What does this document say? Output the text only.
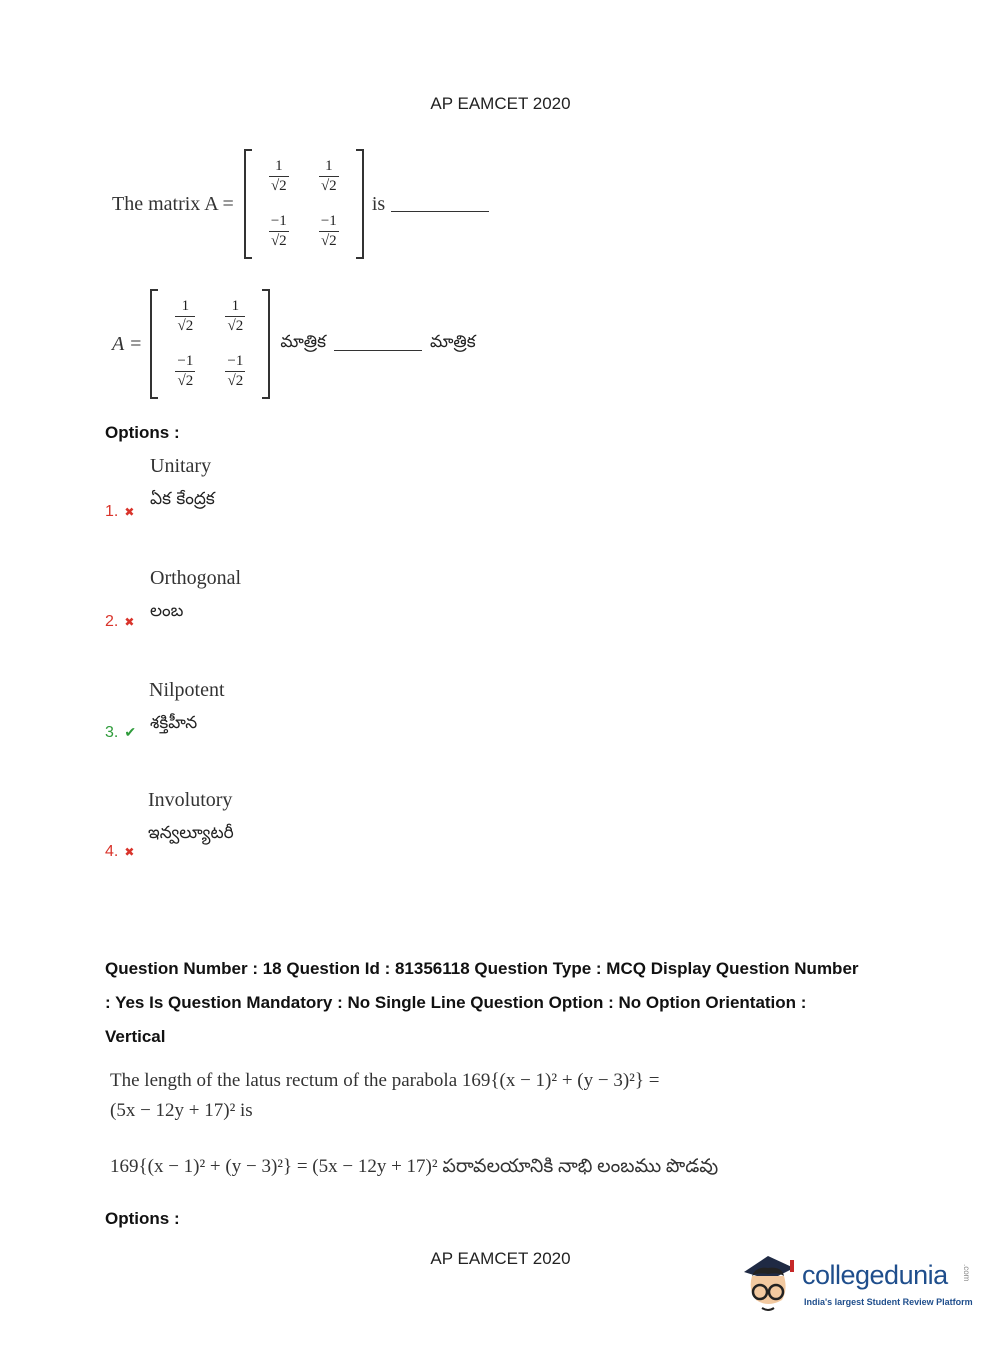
AP EAMCET 2020
The matrix A =
$\frac{1}{√2} \frac{1}{√2}$
$\frac{-1}{√2} \frac{-1}{√2}$
is
A =
$\frac{1}{√2} \frac{1}{√2}$
$\frac{-1}{√2} \frac{-1}{√2}$
మాత్రిక	మాత్రిక
Options :
Unitary
ఏక కేంద్రక
1. ✖
Orthogonal
లంబ
2. ✖
Nilpotent
శక్తిహీన
3. ✔
Involutory
ఇన్వల్యూటరీ
4. ✖
Question Number : 18 Question Id : 81356118 Question Type : MCQ Display Question Number
: Yes Is Question Mandatory : No Single Line Question Option : No Option Orientation :
Vertical
The length of the latus rectum of the parabola 169{(x − 1)² + (y − 3)²} =
(5x − 12y + 17)² is
169{(x − 1)² + (y − 3)²} = (5x − 12y + 17)² పరావలయానికి నాభి లంబము పొడవు
Options :
AP EAMCET 2020
collegedunia .com
India's largest Student Review Platform
